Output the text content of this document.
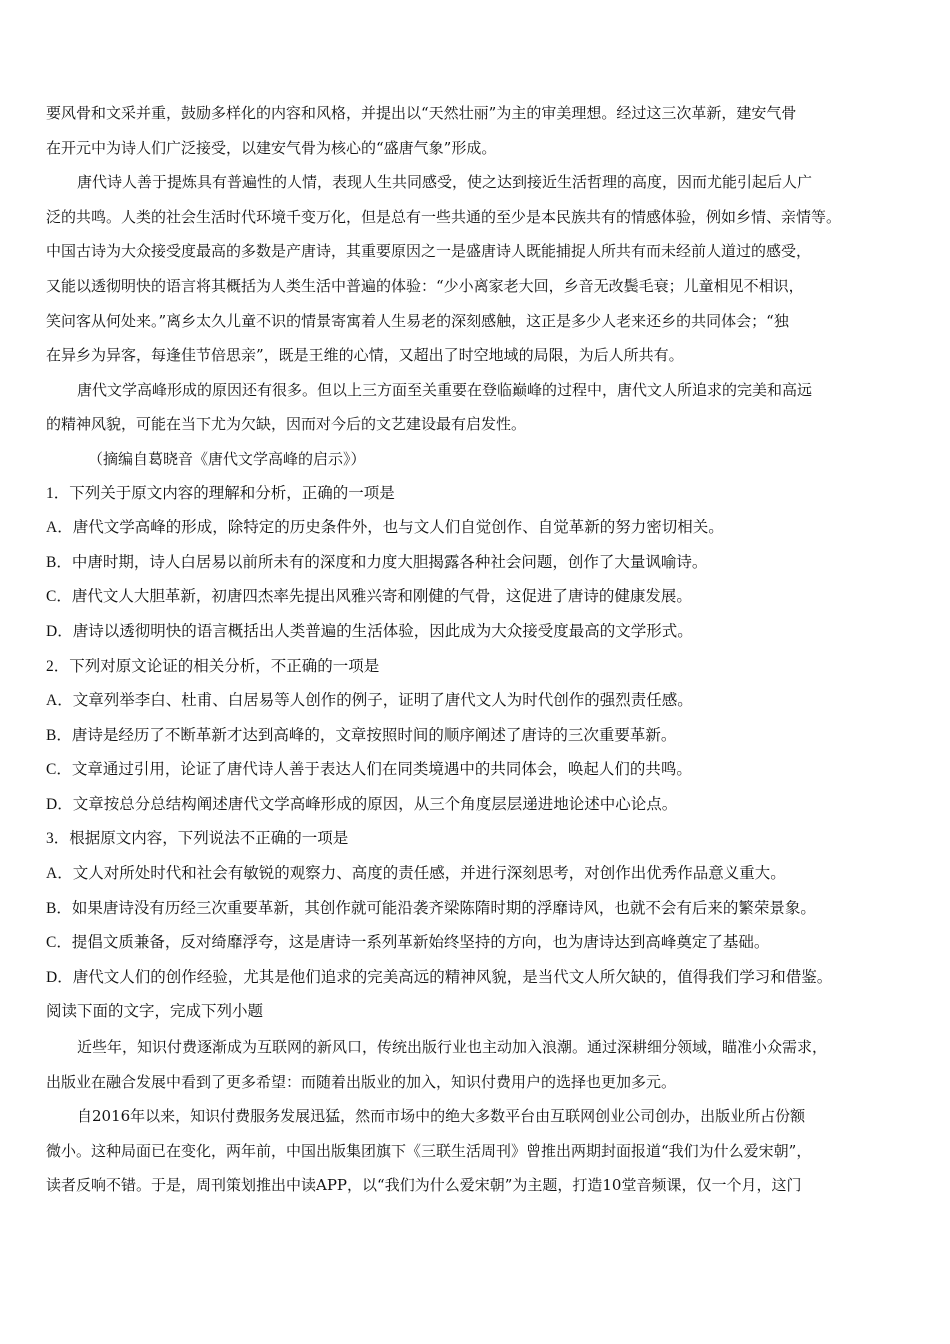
要风骨和文采并重，鼓励多样化的内容和风格，并提出以“天然壮丽”为主的审美理想。经过这三次革新，建安气骨
在开元中为诗人们广泛接受，以建安气骨为核心的“盛唐气象”形成。
唐代诗人善于提炼具有普遍性的人情，表现人生共同感受，使之达到接近生活哲理的高度，因而尤能引起后人广
泛的共鸣。人类的社会生活时代环境千变万化，但是总有一些共通的至少是本民族共有的情感体验，例如乡情、亲情等。
中国古诗为大众接受度最高的多数是产唐诗，其重要原因之一是盛唐诗人既能捕捉人所共有而未经前人道过的感受，
又能以透彻明快的语言将其概括为人类生活中普遍的体验：“少小离家老大回，乡音无改鬓毛衰；儿童相见不相识，
笑问客从何处来。”离乡太久儿童不识的情景寄寓着人生易老的深刻感触，这正是多少人老来还乡的共同体会；“独
在异乡为异客，每逢佳节倍思亲”，既是王维的心情，又超出了时空地域的局限，为后人所共有。
唐代文学高峰形成的原因还有很多。但以上三方面至关重要在登临巅峰的过程中，唐代文人所追求的完美和高远
的精神风貌，可能在当下尤为欠缺，因而对今后的文艺建设最有启发性。
（摘编自葛晓音《唐代文学高峰的启示》）
1．下列关于原文内容的理解和分析，正确的一项是
A．唐代文学高峰的形成，除特定的历史条件外，也与文人们自觉创作、自觉革新的努力密切相关。
B．中唐时期，诗人白居易以前所未有的深度和力度大胆揭露各种社会问题，创作了大量讽喻诗。
C．唐代文人大胆革新，初唐四杰率先提出风雅兴寄和刚健的气骨，这促进了唐诗的健康发展。
D．唐诗以透彻明快的语言概括出人类普遍的生活体验，因此成为大众接受度最高的文学形式。
2．下列对原文论证的相关分析，不正确的一项是
A．文章列举李白、杜甫、白居易等人创作的例子，证明了唐代文人为时代创作的强烈责任感。
B．唐诗是经历了不断革新才达到高峰的，文章按照时间的顺序阐述了唐诗的三次重要革新。
C．文章通过引用，论证了唐代诗人善于表达人们在同类境遇中的共同体会，唤起人们的共鸣。
D．文章按总分总结构阐述唐代文学高峰形成的原因，从三个角度层层递进地论述中心论点。
3．根据原文内容，下列说法不正确的一项是
A．文人对所处时代和社会有敏锐的观察力、高度的责任感，并进行深刻思考，对创作出优秀作品意义重大。
B．如果唐诗没有历经三次重要革新，其创作就可能沿袭齐梁陈隋时期的浮靡诗风，也就不会有后来的繁荣景象。
C．提倡文质兼备，反对绮靡浮夸，这是唐诗一系列革新始终坚持的方向，也为唐诗达到高峰奠定了基础。
D．唐代文人们的创作经验，尤其是他们追求的完美高远的精神风貌，是当代文人所欠缺的，值得我们学习和借鉴。
阅读下面的文字，完成下列小题
近些年，知识付费逐渐成为互联网的新风口，传统出版行业也主动加入浪潮。通过深耕细分领域，瞄准小众需求，
出版业在融合发展中看到了更多希望：而随着出版业的加入，知识付费用户的选择也更加多元。
自2016年以来，知识付费服务发展迅猛，然而市场中的绝大多数平台由互联网创业公司创办，出版业所占份额
微小。这种局面已在变化，两年前，中国出版集团旗下《三联生活周刊》曾推出两期封面报道“我们为什么爱宋朝”，
读者反响不错。于是，周刊策划推出中读APP，以“我们为什么爱宋朝”为主题，打造10堂音频课，仅一个月，这门
